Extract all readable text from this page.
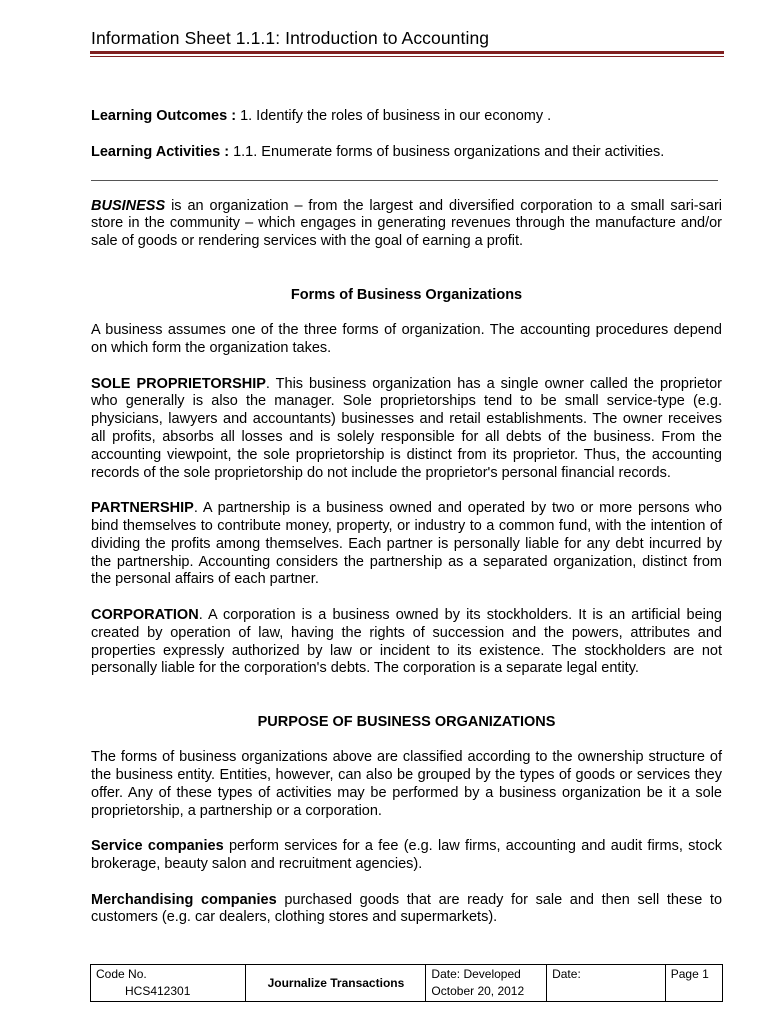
Information Sheet 1.1.1: Introduction to Accounting

Learning Outcomes : 1. Identify the roles of business in our economy .

Learning Activities : 1.1. Enumerate forms of business organizations and their activities.

BUSINESS is an organization – from the largest and diversified corporation to a small sari-sari store in the community – which engages in generating revenues through the manufacture and/or sale of goods or rendering services with the goal of earning a profit.

Forms of Business Organizations

A business assumes one of the three forms of organization. The accounting procedures depend on which form the organization takes.

SOLE PROPRIETORSHIP. This business organization has a single owner called the proprietor who generally is also the manager. Sole proprietorships tend to be small service-type (e.g. physicians, lawyers and accountants) businesses and retail establishments. The owner receives all profits, absorbs all losses and is solely responsible for all debts of the business. From the accounting viewpoint, the sole proprietorship is distinct from its proprietor. Thus, the accounting records of the sole proprietorship do not include the proprietor's personal financial records.

PARTNERSHIP. A partnership is a business owned and operated by two or more persons who bind themselves to contribute money, property, or industry to a common fund, with the intention of dividing the profits among themselves. Each partner is personally liable for any debt incurred by the partnership. Accounting considers the partnership as a separated organization, distinct from the personal affairs of each partner.

CORPORATION. A corporation is a business owned by its stockholders. It is an artificial being created by operation of law, having the rights of succession and the powers, attributes and properties expressly authorized by law or incident to its existence. The stockholders are not personally liable for the corporation's debts. The corporation is a separate legal entity.

PURPOSE OF BUSINESS ORGANIZATIONS

The forms of business organizations above are classified according to the ownership structure of the business entity. Entities, however, can also be grouped by the types of goods or services they offer. Any of these types of activities may be performed by a business organization be it a sole proprietorship, a partnership or a corporation.

Service companies perform services for a fee (e.g. law firms, accounting and audit firms, stock brokerage, beauty salon and recruitment agencies).

Merchandising companies purchased goods that are ready for sale and then sell these to customers (e.g. car dealers, clothing stores and supermarkets).

Code No.
HCS412301
	Journalize Transactions	
Date: Developed
October 20, 2012

Date:	Page 1
